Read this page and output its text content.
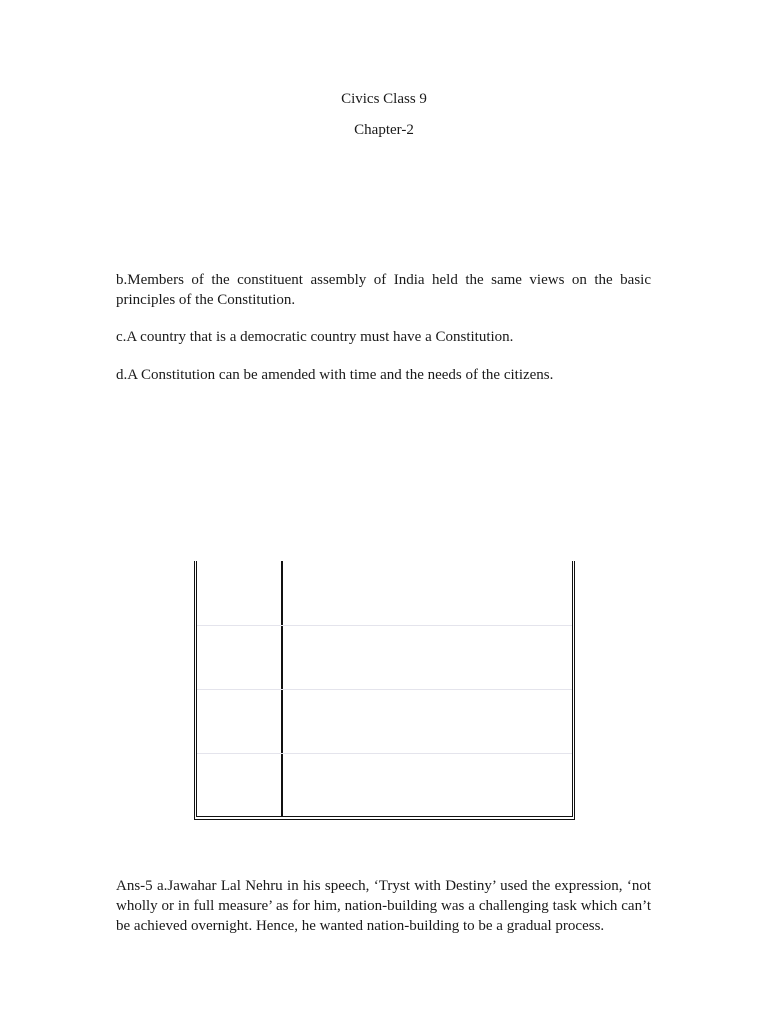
Civics Class 9
Chapter-2

b.Members of the constituent assembly of India held the same views on the basic principles of the Constitution.

c.A country that is a democratic country must have a Constitution.

d.A Constitution can be amended with time and the needs of the citizens.

Ans-5 a.Jawahar Lal Nehru in his speech, ‘Tryst with Destiny’ used the expression, ‘not wholly or in full measure’ as for him, nation-building was a challenging task which can’t be achieved overnight. Hence, he wanted nation-building to be a gradual process.
